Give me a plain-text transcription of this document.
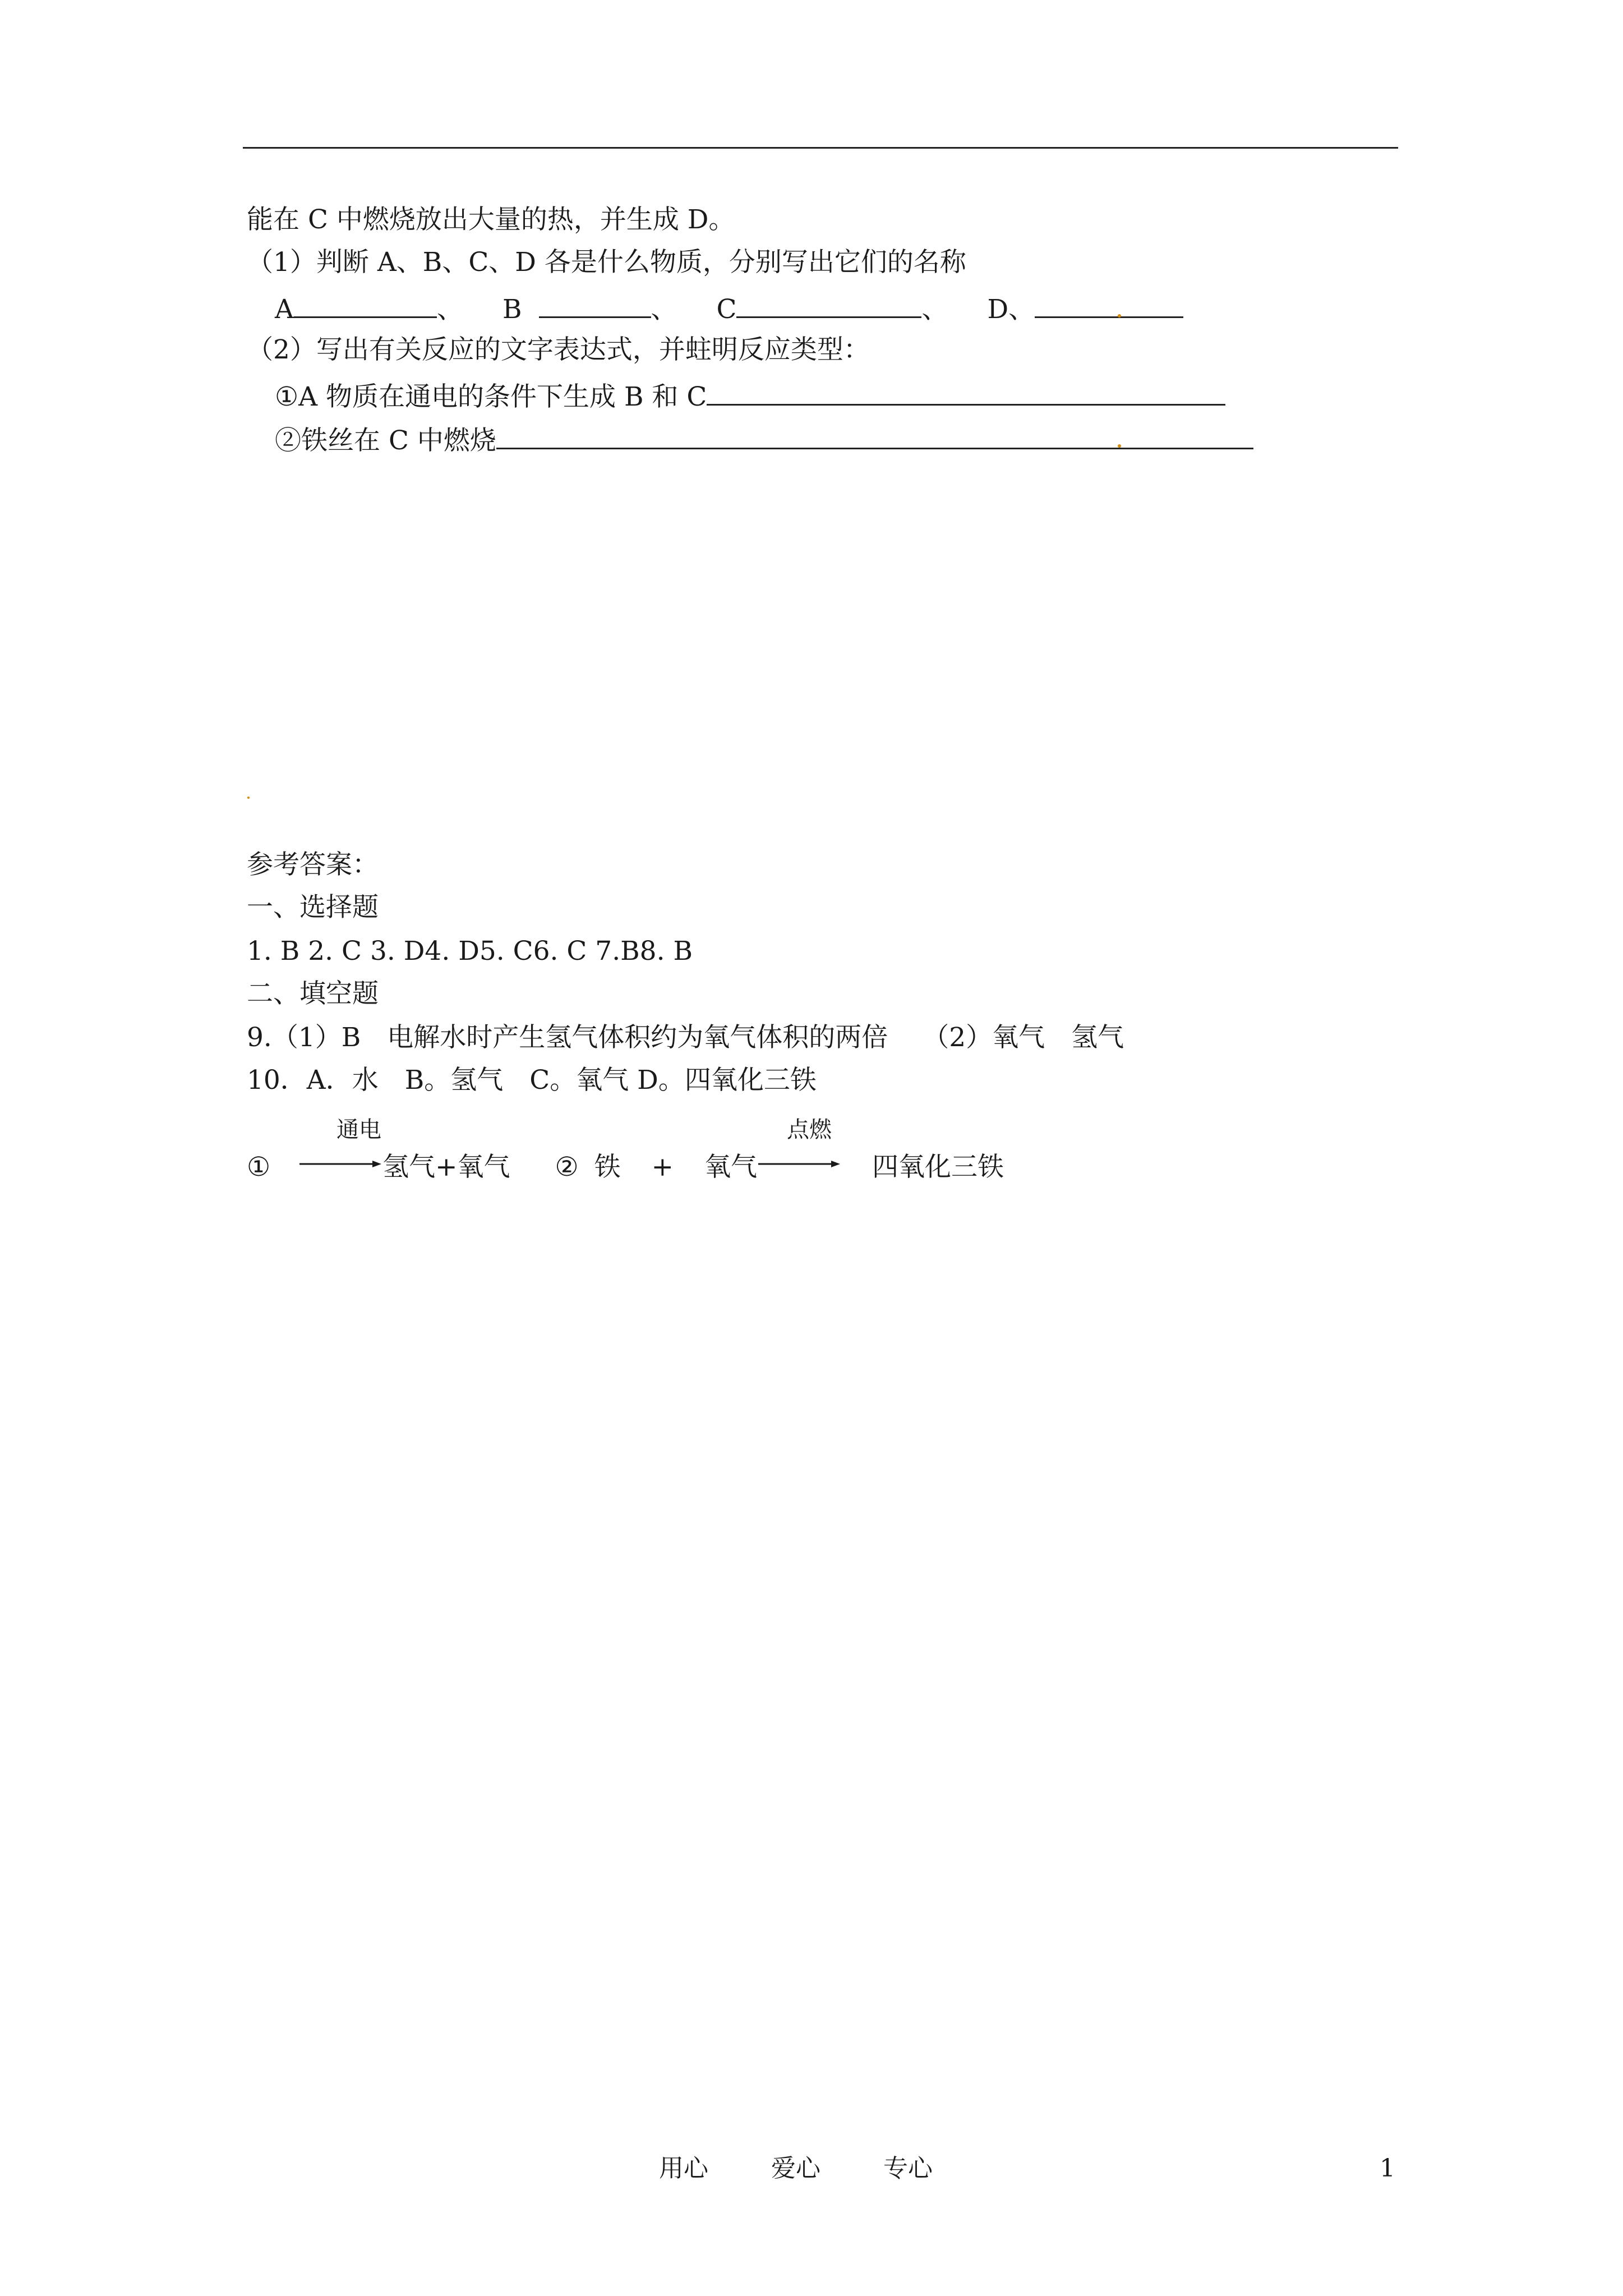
能在 C 中燃烧放出大量的热，并生成 D。
（1）判断 A、B、C、D 各是什么物质，分别写出它们的名称
A	、 B	、 C	、 D、
（2）写出有关反应的文字表达式，并蛀明反应类型：
①A 物质在通电的条件下生成 B 和 C
②铁丝在 C 中燃烧
参考答案：
一、选择题
1. B 2. C 3. D4. D5. C6. C 7.B8. B
二、填空题
9.（1）B　电解水时产生氢气体积约为氧气体积的两倍　 （2）氧气　氢气
10．A．水　B。氢气　C。氧气 D。四氧化三铁
通电	点燃
① →氢气+氧气 ② 铁 + 氧气→ 四氧化三铁
用心	爱心	专心	1
